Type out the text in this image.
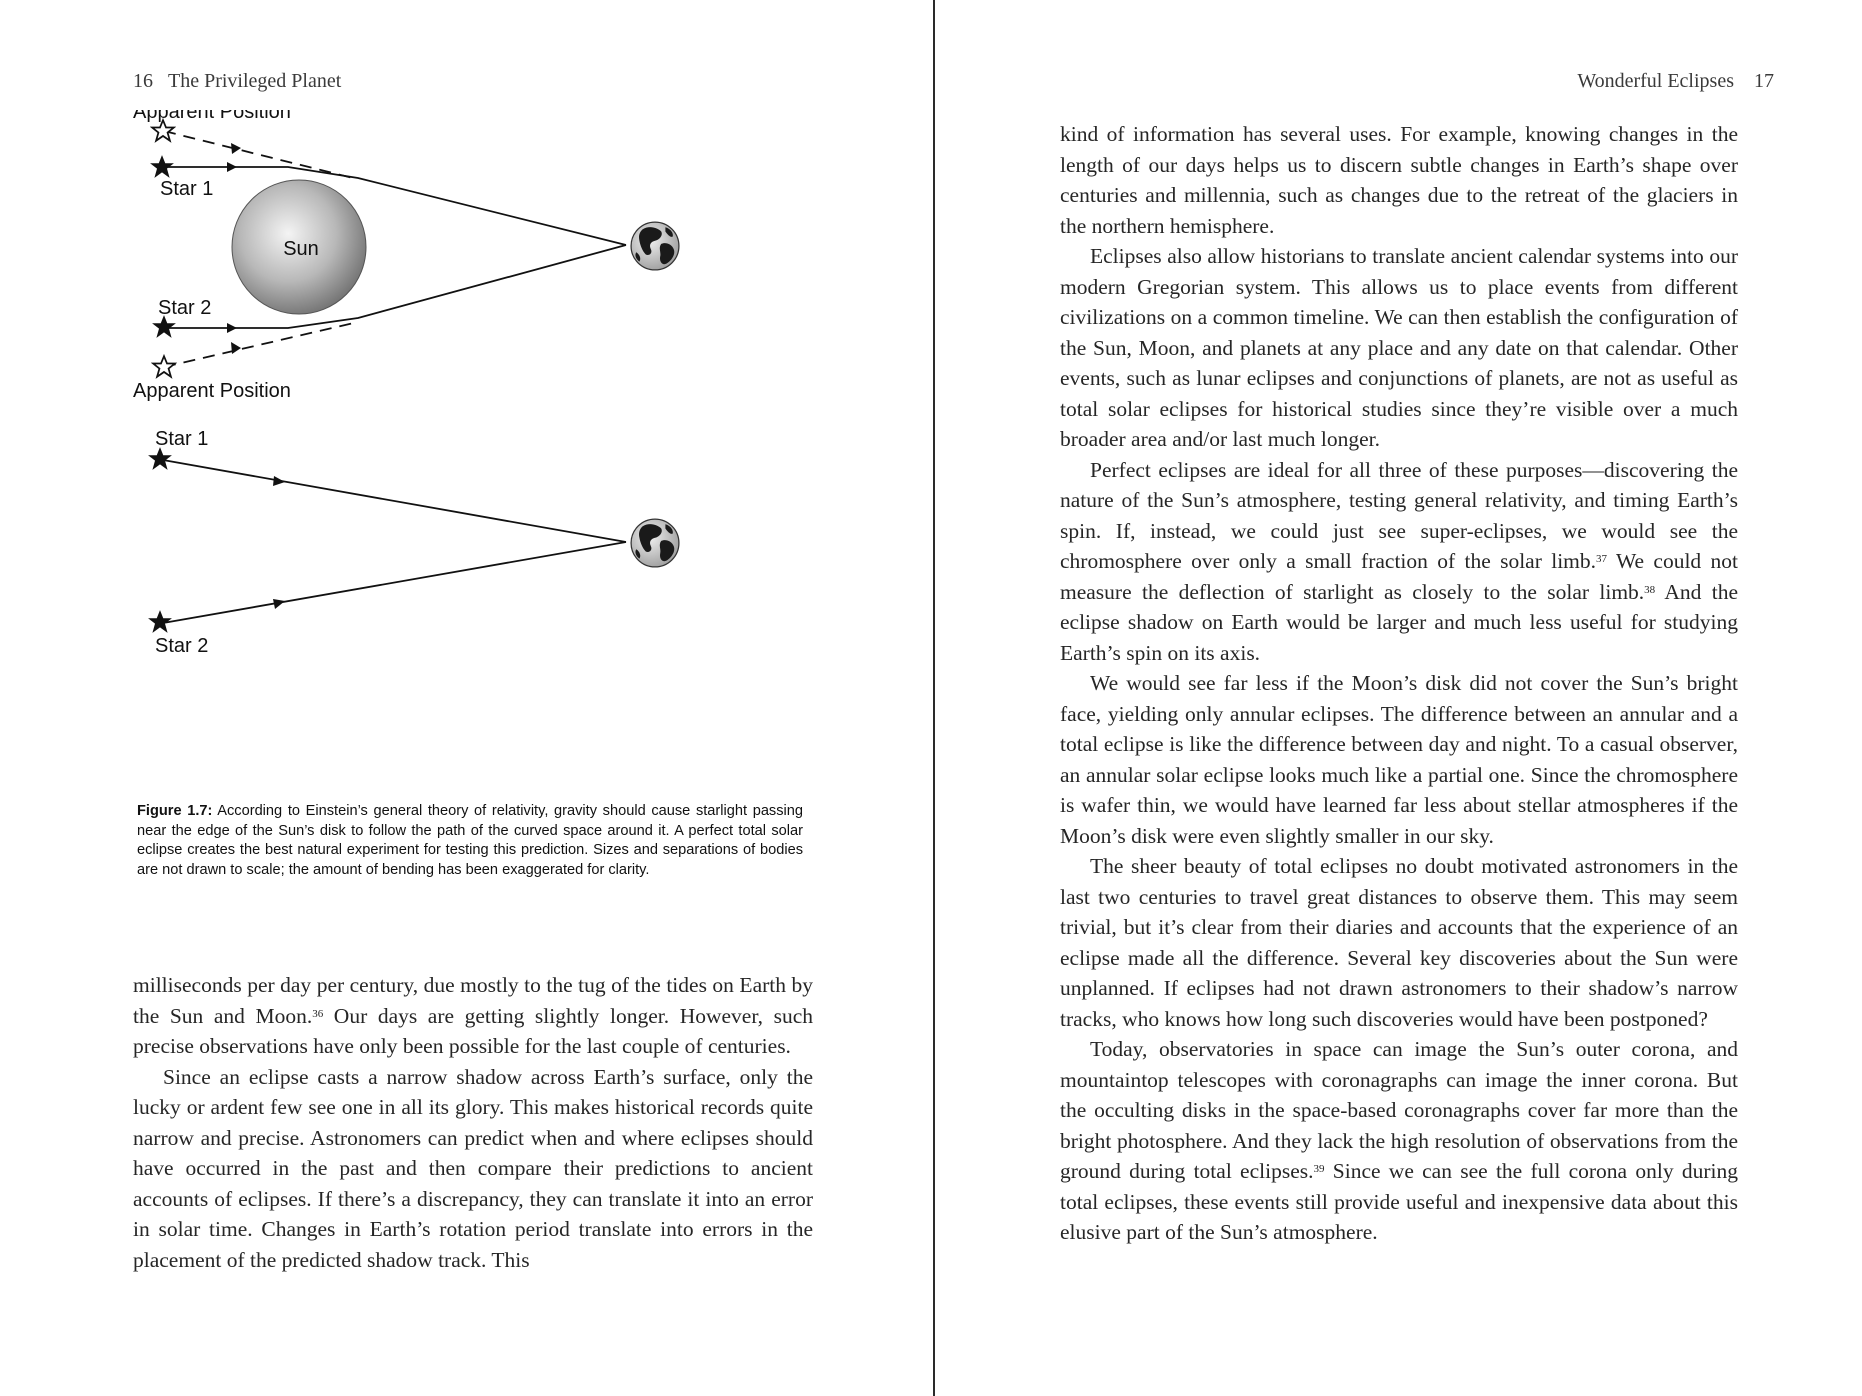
16 The Privileged Planet
Sun
Apparent Position
Star 1
Star 2
Apparent Position
Star 1
Star 2
Figure 1.7: According to Einstein’s general theory of relativity, gravity should cause starlight passing near the edge of the Sun’s disk to follow the path of the curved space around it. A perfect total solar eclipse creates the best natural experiment for testing this prediction. Sizes and separations of bodies are not drawn to scale; the amount of bending has been exaggerated for clarity.

milliseconds per day per century, due mostly to the tug of the tides on Earth by the Sun and Moon.$^{36}$ Our days are getting slightly longer. However, such precise observations have only been possible for the last couple of centuries.

Since an eclipse casts a narrow shadow across Earth’s surface, only the lucky or ardent few see one in all its glory. This makes historical records quite narrow and precise. Astronomers can predict when and where eclipses should have occurred in the past and then compare their predictions to ancient accounts of eclipses. If there’s a discrepancy, they can translate it into an error in solar time. Changes in Earth’s rotation period translate into errors in the placement of the predicted shadow track. This

Wonderful Eclipses 17

kind of information has several uses. For example, knowing changes in the length of our days helps us to discern subtle changes in Earth’s shape over centuries and millennia, such as changes due to the retreat of the glaciers in the northern hemisphere.

Eclipses also allow historians to translate ancient calendar systems into our modern Gregorian system. This allows us to place events from different civilizations on a common timeline. We can then establish the configuration of the Sun, Moon, and planets at any place and any date on that calendar. Other events, such as lunar eclipses and conjunctions of planets, are not as useful as total solar eclipses for historical studies since they’re visible over a much broader area and/or last much longer.

Perfect eclipses are ideal for all three of these purposes—discovering the nature of the Sun’s atmosphere, testing general relativity, and timing Earth’s spin. If, instead, we could just see super-eclipses, we would see the chromosphere over only a small fraction of the solar limb.$^{37}$ We could not measure the deflection of starlight as closely to the solar limb.$^{38}$ And the eclipse shadow on Earth would be larger and much less useful for studying Earth’s spin on its axis.

We would see far less if the Moon’s disk did not cover the Sun’s bright face, yielding only annular eclipses. The difference between an annular and a total eclipse is like the difference between day and night. To a casual observer, an annular solar eclipse looks much like a partial one. Since the chromosphere is wafer thin, we would have learned far less about stellar atmospheres if the Moon’s disk were even slightly smaller in our sky.

The sheer beauty of total eclipses no doubt motivated astronomers in the last two centuries to travel great distances to observe them. This may seem trivial, but it’s clear from their diaries and accounts that the experience of an eclipse made all the difference. Several key discoveries about the Sun were unplanned. If eclipses had not drawn astronomers to their shadow’s narrow tracks, who knows how long such discoveries would have been postponed?

Today, observatories in space can image the Sun’s outer corona, and mountaintop telescopes with coronagraphs can image the inner corona. But the occulting disks in the space-based coronagraphs cover far more than the bright photosphere. And they lack the high resolution of observations from the ground during total eclipses.$^{39}$ Since we can see the full corona only during total eclipses, these events still provide useful and inexpensive data about this elusive part of the Sun’s atmosphere.
